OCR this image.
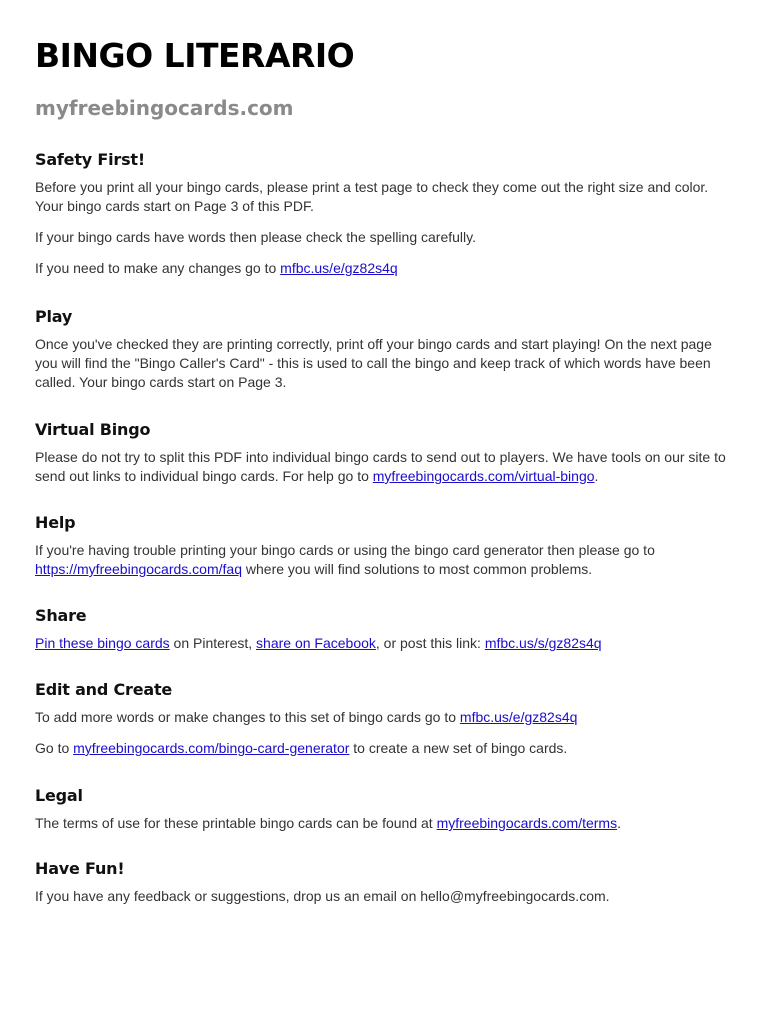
BINGO LITERARIO

myfreebingocards.com

Safety First!

Before you print all your bingo cards, please print a test page to check they come out the right size and color. Your bingo cards start on Page 3 of this PDF.

If your bingo cards have words then please check the spelling carefully.

If you need to make any changes go to mfbc.us/e/gz82s4q

Play

Once you've checked they are printing correctly, print off your bingo cards and start playing! On the next page you will find the "Bingo Caller's Card" - this is used to call the bingo and keep track of which words have been called. Your bingo cards start on Page 3.

Virtual Bingo

Please do not try to split this PDF into individual bingo cards to send out to players. We have tools on our site to send out links to individual bingo cards. For help go to myfreebingocards.com/virtual-bingo.

Help

If you're having trouble printing your bingo cards or using the bingo card generator then please go to https://myfreebingocards.com/faq where you will find solutions to most common problems.

Share

Pin these bingo cards on Pinterest, share on Facebook, or post this link: mfbc.us/s/gz82s4q

Edit and Create

To add more words or make changes to this set of bingo cards go to mfbc.us/e/gz82s4q

Go to myfreebingocards.com/bingo-card-generator to create a new set of bingo cards.

Legal

The terms of use for these printable bingo cards can be found at myfreebingocards.com/terms.

Have Fun!

If you have any feedback or suggestions, drop us an email on hello@myfreebingocards.com.
